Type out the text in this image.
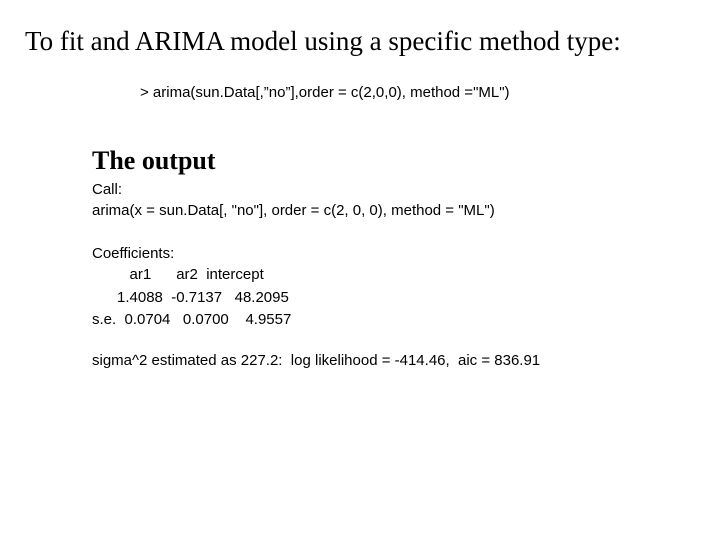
To fit and ARIMA model using a specific method type:
> arima(sun.Data[,”no”],order = c(2,0,0), method ="ML")
The output
Call:
arima(x = sun.Data[, "no"], order = c(2, 0, 0), method = "ML")
Coefficients:
ar1      ar2  intercept
1.4088  -0.7137   48.2095
s.e.  0.0704   0.0700    4.9557
sigma^2 estimated as 227.2:  log likelihood = -414.46,  aic = 836.91
